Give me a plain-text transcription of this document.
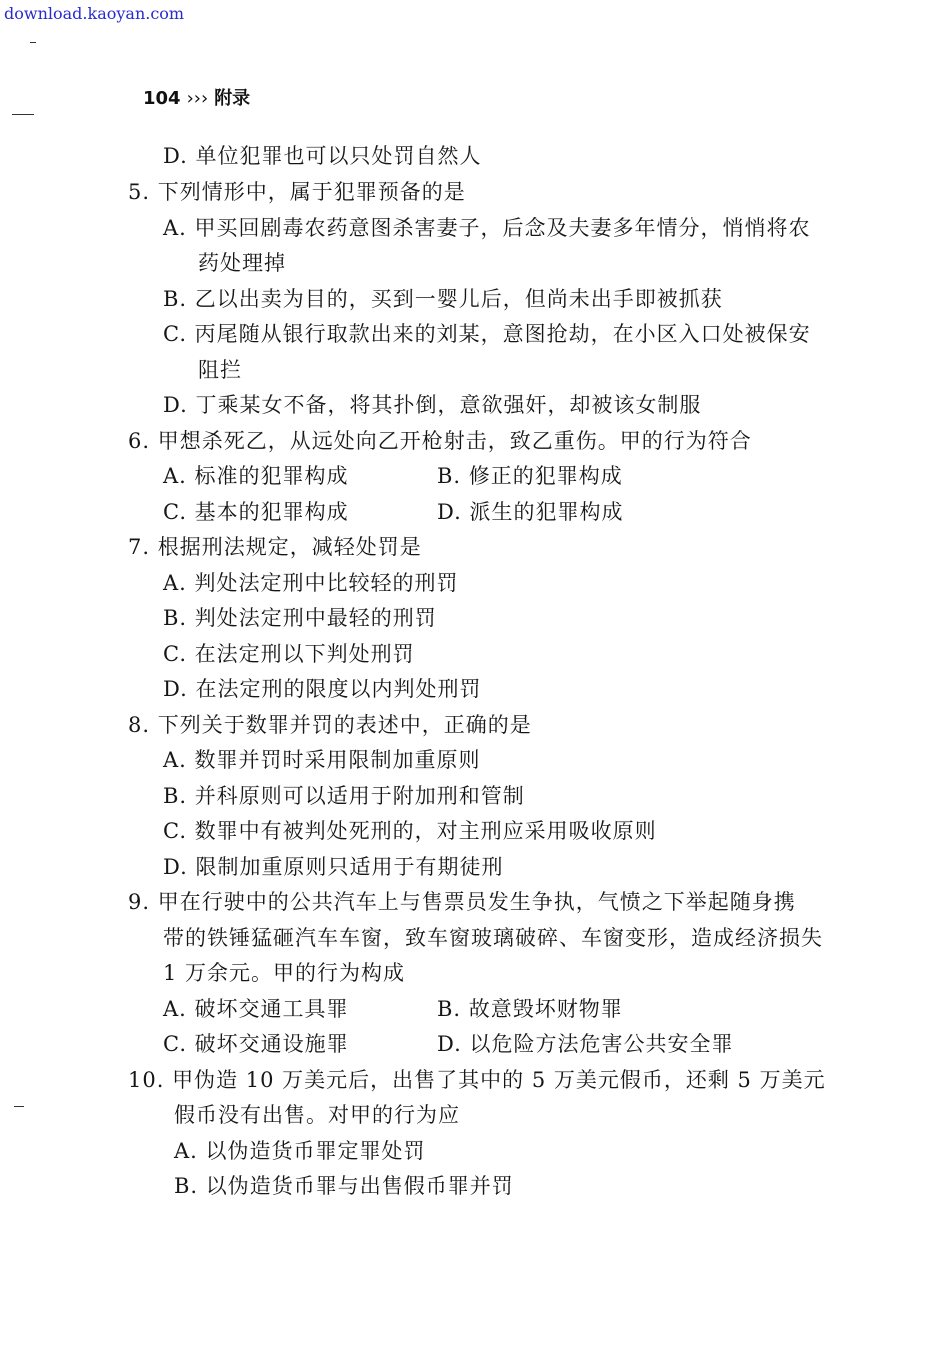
download.kaoyan.com
104 ››› 附录
D. 单位犯罪也可以只处罚自然人
5. 下列情形中，属于犯罪预备的是
A. 甲买回剧毒农药意图杀害妻子，后念及夫妻多年情分，悄悄将农
药处理掉
B. 乙以出卖为目的，买到一婴儿后，但尚未出手即被抓获
C. 丙尾随从银行取款出来的刘某，意图抢劫，在小区入口处被保安
阻拦
D. 丁乘某女不备，将其扑倒，意欲强奸，却被该女制服
6. 甲想杀死乙，从远处向乙开枪射击，致乙重伤。甲的行为符合
A. 标准的犯罪构成	B. 修正的犯罪构成
C. 基本的犯罪构成	D. 派生的犯罪构成
7. 根据刑法规定，减轻处罚是
A. 判处法定刑中比较轻的刑罚
B. 判处法定刑中最轻的刑罚
C. 在法定刑以下判处刑罚
D. 在法定刑的限度以内判处刑罚
8. 下列关于数罪并罚的表述中，正确的是
A. 数罪并罚时采用限制加重原则
B. 并科原则可以适用于附加刑和管制
C. 数罪中有被判处死刑的，对主刑应采用吸收原则
D. 限制加重原则只适用于有期徒刑
9. 甲在行驶中的公共汽车上与售票员发生争执，气愤之下举起随身携
带的铁锤猛砸汽车车窗，致车窗玻璃破碎、车窗变形，造成经济损失
1 万余元。甲的行为构成
A. 破坏交通工具罪	B. 故意毁坏财物罪
C. 破坏交通设施罪	D. 以危险方法危害公共安全罪
10. 甲伪造 10 万美元后，出售了其中的 5 万美元假币，还剩 5 万美元
假币没有出售。对甲的行为应
A. 以伪造货币罪定罪处罚
B. 以伪造货币罪与出售假币罪并罚
